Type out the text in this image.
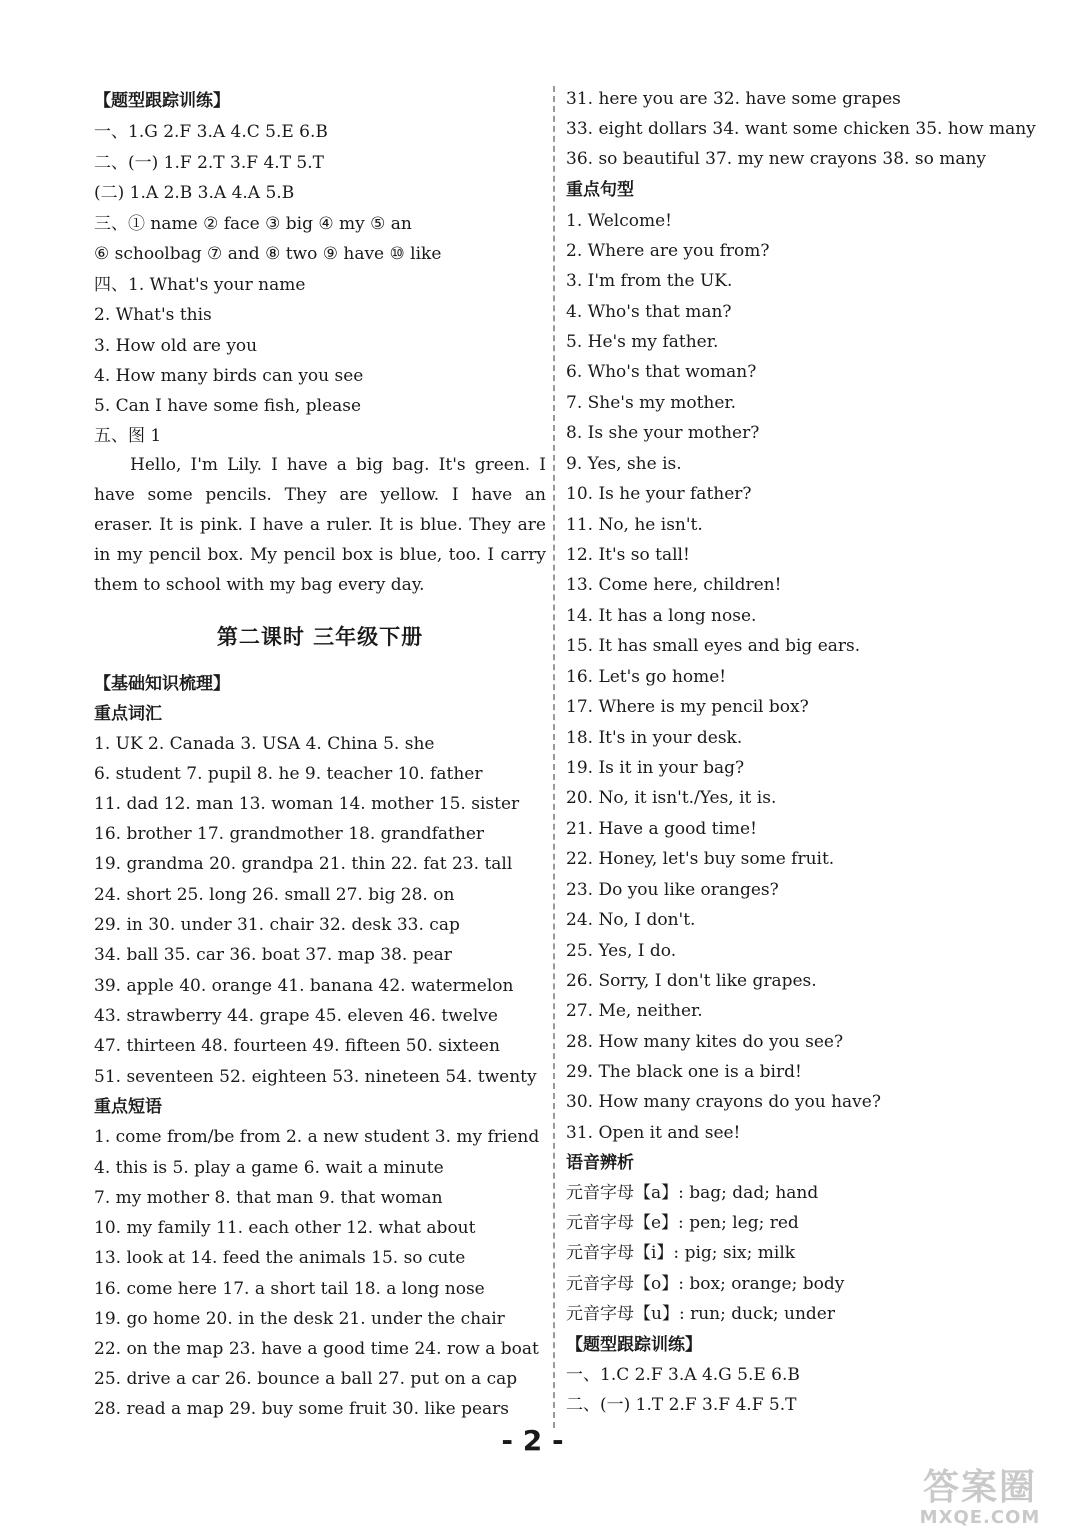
【题型跟踪训练】
一、1.G 2.F 3.A 4.C 5.E 6.B
二、(一) 1.F 2.T 3.F 4.T 5.T
(二) 1.A 2.B 3.A 4.A 5.B
三、① name ② face ③ big ④ my ⑤ an
⑥ schoolbag ⑦ and ⑧ two ⑨ have ⑩ like
四、1. What's your name
2. What's this
3. How old are you
4. How many birds can you see
5. Can I have some fish, please
五、图 1
Hello, I'm Lily. I have a big bag. It's green. I have some pencils. They are yellow. I have an eraser. It is pink. I have a ruler. It is blue. They are in my pencil box. My pencil box is blue, too. I carry them to school with my bag every day.
第二课时 三年级下册
【基础知识梳理】
重点词汇
1. UK 2. Canada 3. USA 4. China 5. she
6. student 7. pupil 8. he 9. teacher 10. father
11. dad 12. man 13. woman 14. mother 15. sister
16. brother 17. grandmother 18. grandfather
19. grandma 20. grandpa 21. thin 22. fat 23. tall
24. short 25. long 26. small 27. big 28. on
29. in 30. under 31. chair 32. desk 33. cap
34. ball 35. car 36. boat 37. map 38. pear
39. apple 40. orange 41. banana 42. watermelon
43. strawberry 44. grape 45. eleven 46. twelve
47. thirteen 48. fourteen 49. fifteen 50. sixteen
51. seventeen 52. eighteen 53. nineteen 54. twenty
重点短语
1. come from/be from 2. a new student 3. my friend
4. this is 5. play a game 6. wait a minute
7. my mother 8. that man 9. that woman
10. my family 11. each other 12. what about
13. look at 14. feed the animals 15. so cute
16. come here 17. a short tail 18. a long nose
19. go home 20. in the desk 21. under the chair
22. on the map 23. have a good time 24. row a boat
25. drive a car 26. bounce a ball 27. put on a cap
28. read a map 29. buy some fruit 30. like pears
31. here you are 32. have some grapes
33. eight dollars 34. want some chicken 35. how many
36. so beautiful 37. my new crayons 38. so many
重点句型
1. Welcome!
2. Where are you from?
3. I'm from the UK.
4. Who's that man?
5. He's my father.
6. Who's that woman?
7. She's my mother.
8. Is she your mother?
9. Yes, she is.
10. Is he your father?
11. No, he isn't.
12. It's so tall!
13. Come here, children!
14. It has a long nose.
15. It has small eyes and big ears.
16. Let's go home!
17. Where is my pencil box?
18. It's in your desk.
19. Is it in your bag?
20. No, it isn't./Yes, it is.
21. Have a good time!
22. Honey, let's buy some fruit.
23. Do you like oranges?
24. No, I don't.
25. Yes, I do.
26. Sorry, I don't like grapes.
27. Me, neither.
28. How many kites do you see?
29. The black one is a bird!
30. How many crayons do you have?
31. Open it and see!
语音辨析
元音字母【a】: bag; dad; hand
元音字母【e】: pen; leg; red
元音字母【i】: pig; six; milk
元音字母【o】: box; orange; body
元音字母【u】: run; duck; under
【题型跟踪训练】
一、1.C 2.F 3.A 4.G 5.E 6.B
二、(一) 1.T 2.F 3.F 4.F 5.T
- 2 -
答案圈
MXQE.COM
